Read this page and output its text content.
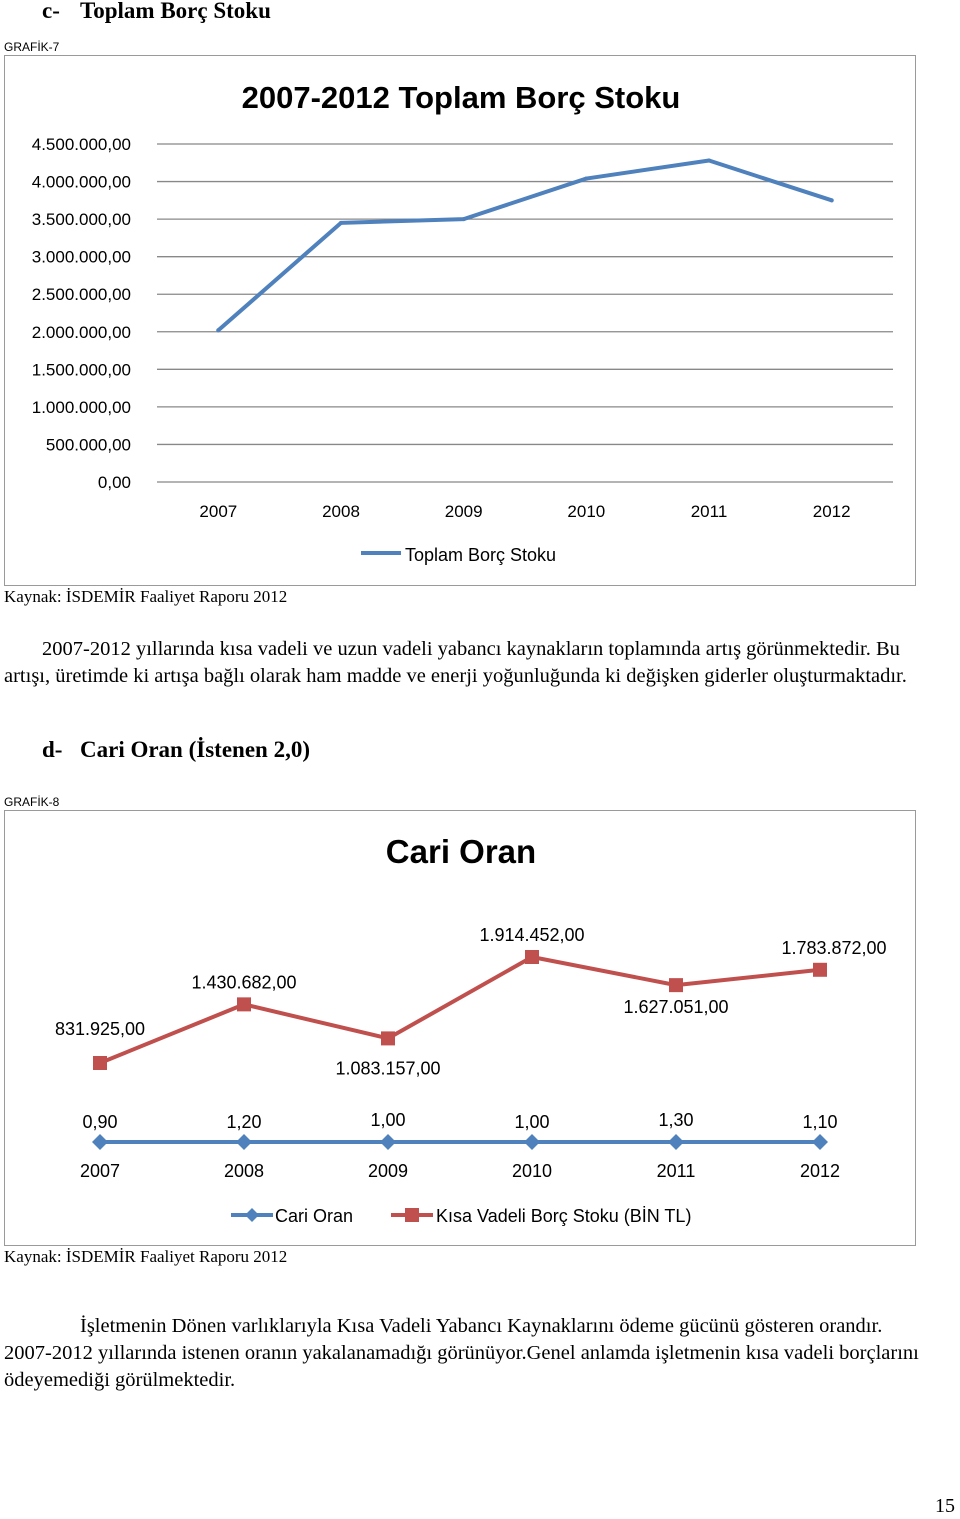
c- Toplam Borç Stoku
GRAFİK-7
2007-2012 Toplam Borç Stoku
0,00
500.000,00
1.000.000,00
1.500.000,00
2.000.000,00
2.500.000,00
3.000.000,00
3.500.000,00
4.000.000,00
4.500.000,00
2007	2008	2009	2010	2011	2012
Toplam Borç Stoku
Kaynak: İSDEMİR Faaliyet Raporu 2012
2007-2012 yıllarında kısa vadeli ve uzun vadeli yabancı kaynakların toplamında artış görünmektedir. Bu artışı, üretimde ki artışa bağlı olarak ham madde ve enerji yoğunluğunda ki değişken giderler oluşturmaktadır.
d- Cari Oran (İstenen 2,0)
GRAFİK-8
Cari Oran
0,90	1,20	1,00	1,00	1,30	1,10
831.925,00
1.430.682,00
1.083.157,00
1.914.452,00
1.627.051,00
1.783.872,00
2007	2008	2009	2010	2011	2012
Cari Oran	Kısa Vadeli Borç Stoku (BİN TL)
Kaynak: İSDEMİR Faaliyet Raporu 2012
İşletmenin Dönen varlıklarıyla Kısa Vadeli Yabancı Kaynaklarını ödeme gücünü gösteren orandır. 2007-2012 yıllarında istenen oranın yakalanamadığı görünüyor.Genel anlamda işletmenin kısa vadeli borçlarını ödeyemediği görülmektedir.
15
